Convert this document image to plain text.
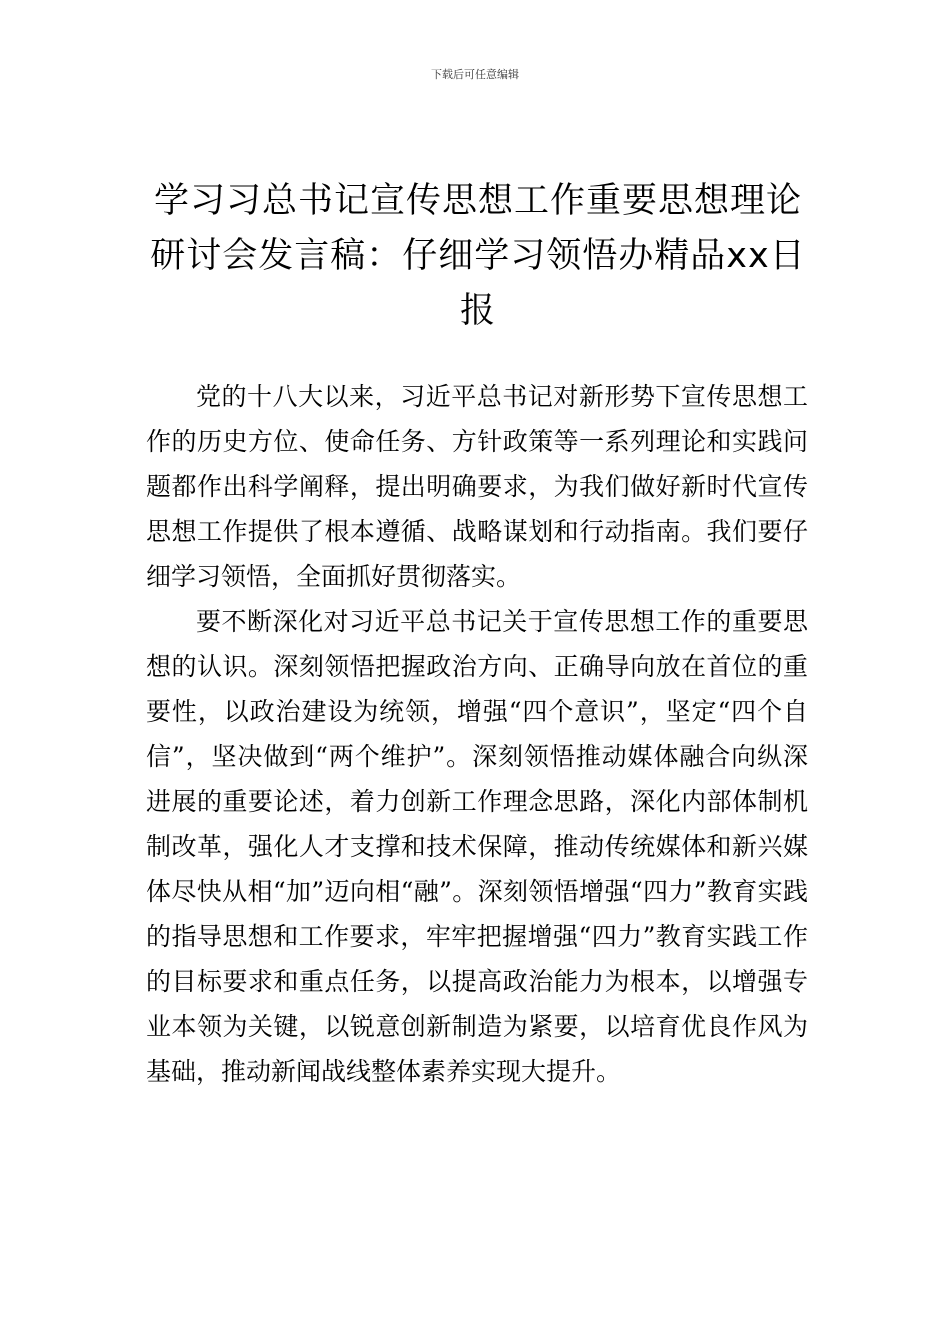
下载后可任意编辑
学习习总书记宣传思想工作重要思想理论研讨会发言稿：仔细学习领悟办精品xx日报

党的十八大以来，习近平总书记对新形势下宣传思想工作的历史方位、使命任务、方针政策等一系列理论和实践问题都作出科学阐释，提出明确要求，为我们做好新时代宣传思想工作提供了根本遵循、战略谋划和行动指南。我们要仔细学习领悟，全面抓好贯彻落实。

要不断深化对习近平总书记关于宣传思想工作的重要思想的认识。深刻领悟把握政治方向、正确导向放在首位的重要性，以政治建设为统领，增强“四个意识”，坚定“四个自信”，坚决做到“两个维护”。深刻领悟推动媒体融合向纵深进展的重要论述，着力创新工作理念思路，深化内部体制机制改革，强化人才支撑和技术保障，推动传统媒体和新兴媒体尽快从相“加”迈向相“融”。深刻领悟增强“四力”教育实践的指导思想和工作要求，牢牢把握增强“四力”教育实践工作的目标要求和重点任务，以提高政治能力为根本，以增强专业本领为关键，以锐意创新制造为紧要，以培育优良作风为基础，推动新闻战线整体素养实现大提升。
